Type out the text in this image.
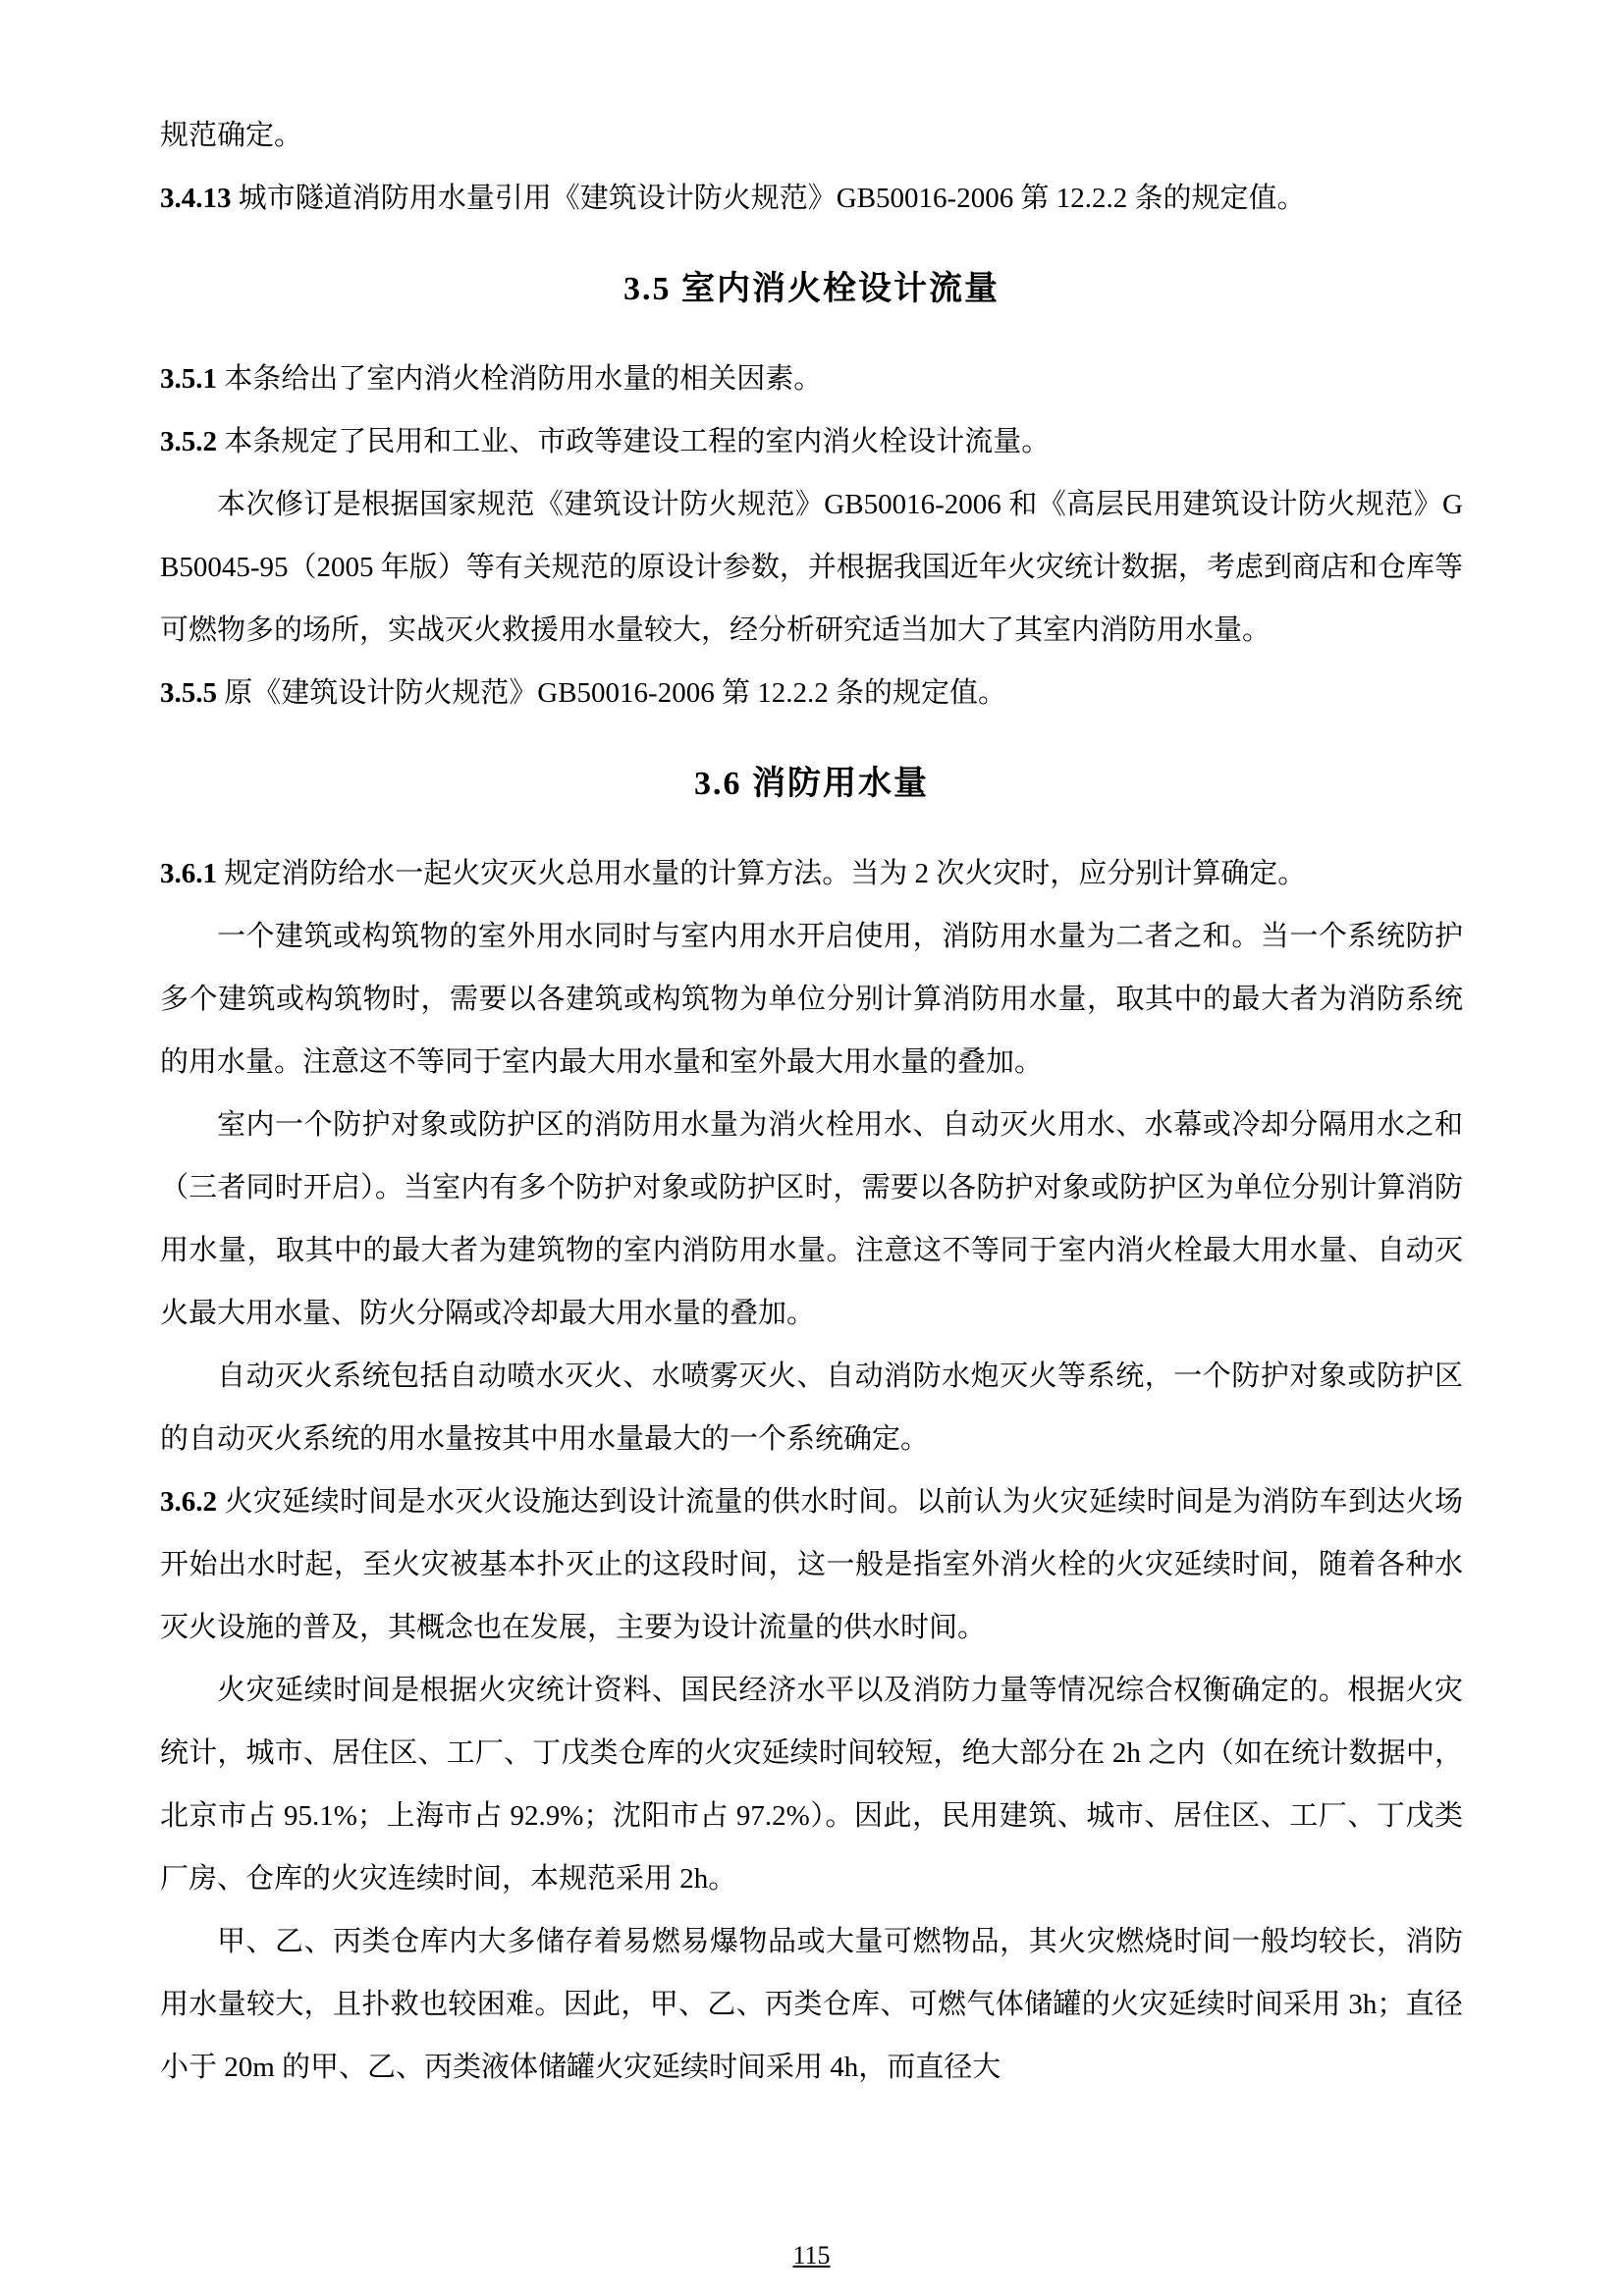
规范确定。

3.4.13 城市隧道消防用水量引用《建筑设计防火规范》GB50016-2006 第 12.2.2 条的规定值。

3.5 室内消火栓设计流量

3.5.1 本条给出了室内消火栓消防用水量的相关因素。

3.5.2 本条规定了民用和工业、市政等建设工程的室内消火栓设计流量。

本次修订是根据国家规范《建筑设计防火规范》GB50016-2006 和《高层民用建筑设计防火规范》GB50045-95（2005 年版）等有关规范的原设计参数，并根据我国近年火灾统计数据，考虑到商店和仓库等可燃物多的场所，实战灭火救援用水量较大，经分析研究适当加大了其室内消防用水量。

3.5.5 原《建筑设计防火规范》GB50016-2006 第 12.2.2 条的规定值。

3.6 消防用水量

3.6.1 规定消防给水一起火灾灭火总用水量的计算方法。当为 2 次火灾时，应分别计算确定。

一个建筑或构筑物的室外用水同时与室内用水开启使用，消防用水量为二者之和。当一个系统防护多个建筑或构筑物时，需要以各建筑或构筑物为单位分别计算消防用水量，取其中的最大者为消防系统的用水量。注意这不等同于室内最大用水量和室外最大用水量的叠加。

室内一个防护对象或防护区的消防用水量为消火栓用水、自动灭火用水、水幕或冷却分隔用水之和（三者同时开启）。当室内有多个防护对象或防护区时，需要以各防护对象或防护区为单位分别计算消防用水量，取其中的最大者为建筑物的室内消防用水量。注意这不等同于室内消火栓最大用水量、自动灭火最大用水量、防火分隔或冷却最大用水量的叠加。

自动灭火系统包括自动喷水灭火、水喷雾灭火、自动消防水炮灭火等系统，一个防护对象或防护区的自动灭火系统的用水量按其中用水量最大的一个系统确定。

3.6.2 火灾延续时间是水灭火设施达到设计流量的供水时间。以前认为火灾延续时间是为消防车到达火场开始出水时起，至火灾被基本扑灭止的这段时间，这一般是指室外消火栓的火灾延续时间，随着各种水灭火设施的普及，其概念也在发展，主要为设计流量的供水时间。

火灾延续时间是根据火灾统计资料、国民经济水平以及消防力量等情况综合权衡确定的。根据火灾统计，城市、居住区、工厂、丁戊类仓库的火灾延续时间较短，绝大部分在 2h 之内（如在统计数据中，北京市占 95.1%；上海市占 92.9%；沈阳市占 97.2%）。因此，民用建筑、城市、居住区、工厂、丁戊类厂房、仓库的火灾连续时间，本规范采用 2h。

甲、乙、丙类仓库内大多储存着易燃易爆物品或大量可燃物品，其火灾燃烧时间一般均较长，消防用水量较大，且扑救也较困难。因此，甲、乙、丙类仓库、可燃气体储罐的火灾延续时间采用 3h；直径小于 20m 的甲、乙、丙类液体储罐火灾延续时间采用 4h，而直径大

115
